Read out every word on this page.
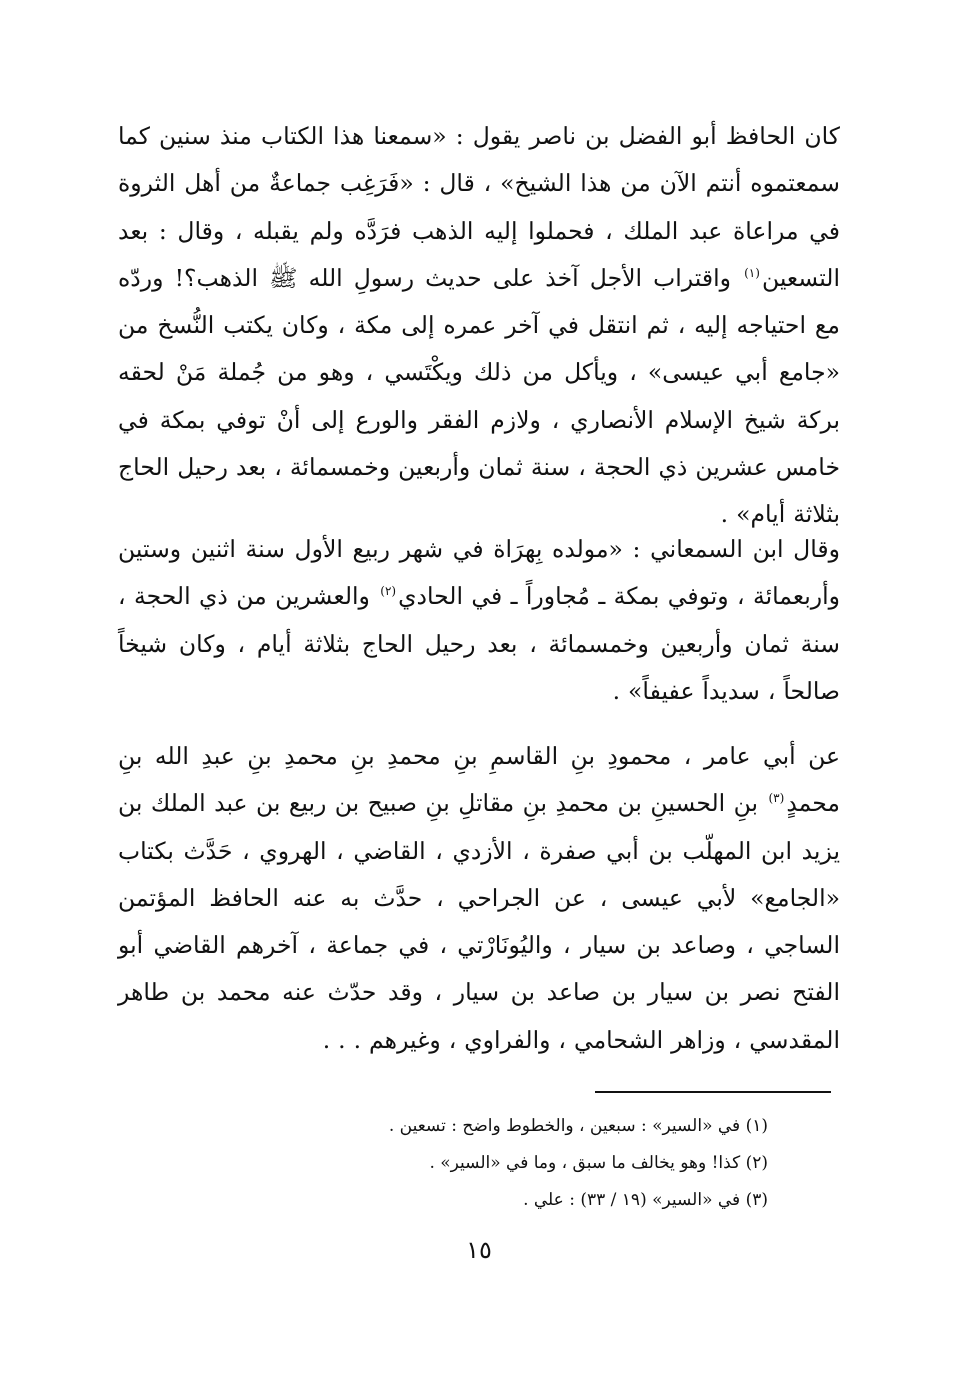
كان الحافظ أبو الفضل بن ناصر يقول : «سمعنا هذا الكتاب منذ سنين كما سمعتموه أنتم الآن من هذا الشيخ» ، قال : «فَرَغِب جماعةٌ من أهل الثروة في مراعاة عبد الملك ، فحملوا إليه الذهب فرَدَّه ولم يقبله ، وقال : بعد التسعين$^{(١)}$ واقتراب الأجل آخذ على حديث رسولِ الله ﷺ الذهب؟! وردّه مع احتياجه إليه ، ثم انتقل في آخر عمره إلى مكة ، وكان يكتب النُّسخ من «جامع أبي عيسى» ، ويأكل من ذلك ويكْتَسي ، وهو من جُملة مَنْ لحقه بركة شيخ الإسلام الأنصاري ، ولازم الفقر والورع إلى أنْ توفي بمكة في خامس عشرين ذي الحجة ، سنة ثمان وأربعين وخمسمائة ، بعد رحيل الحاج بثلاثة أيام» .

وقال ابن السمعاني : «مولده بِهرَاة في شهر ربيع الأول سنة اثنين وستين وأربعمائة ، وتوفي بمكة ـ مُجاوراً ـ في الحادي$^{(٢)}$ والعشرين من ذي الحجة ، سنة ثمان وأربعين وخمسمائة ، بعد رحيل الحاج بثلاثة أيام ، وكان شيخاً صالحاً ، سديداً عفيفاً» .

عن أبي عامر ، محمودِ بنِ القاسمِ بنِ محمدِ بنِ محمدِ بنِ عبدِ الله بنِ محمدٍ$^{(٣)}$ بنِ الحسينِ بن محمدِ بنِ مقاتلِ بنِ صبيح بن ربيع بن عبد الملك بن يزيد ابن المهلّب بن أبي صفرة ، الأزدي ، القاضي ، الهروي ، حَدَّث بكتاب «الجامع» لأبي عيسى ، عن الجراحي ، حدَّث به عنه الحافظ المؤتمن الساجي ، وصاعد بن سيار ، واليُونَارْتي ، في جماعة ، آخرهم القاضي أبو الفتح نصر بن سيار بن صاعد بن سيار ، وقد حدّث عنه محمد بن طاهر المقدسي ، وزاهر الشحامي ، والفراوي ، وغيرهم . . .

(١) في «السير» : سبعين ، والخطوط واضح : تسعين .

(٢) كذا! وهو يخالف ما سبق ، وما في «السير» .

(٣) في «السير» (١٩ / ٣٣) : علي .

١٥
